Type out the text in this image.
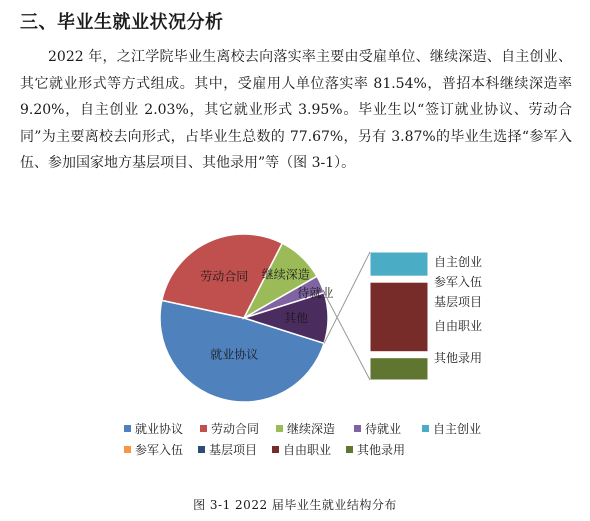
三、毕业生就业状况分析

2022 年，之江学院毕业生离校去向落实率主要由受雇单位、继续深造、自主创业、其它就业形式等方式组成。其中，受雇用人单位落实率 81.54%，普招本科继续深造率 9.20%，自主创业 2.03%，其它就业形式 3.95%。毕业生以“签订就业协议、劳动合同”为主要离校去向形式，占毕业生总数的 77.67%，另有 3.87%的毕业生选择“参军入伍、参加国家地方基层项目、其他录用”等（图 3-1）。

就业协议
劳动合同 继续深造
待就业
其他
自主创业
参军入伍
基层项目
自由职业
其他录用
就业协议 劳动合同 继续深造 待就业	自主创业
参军入伍 基层项目 自由职业 其他录用
图 3-1 2022 届毕业生就业结构分布
